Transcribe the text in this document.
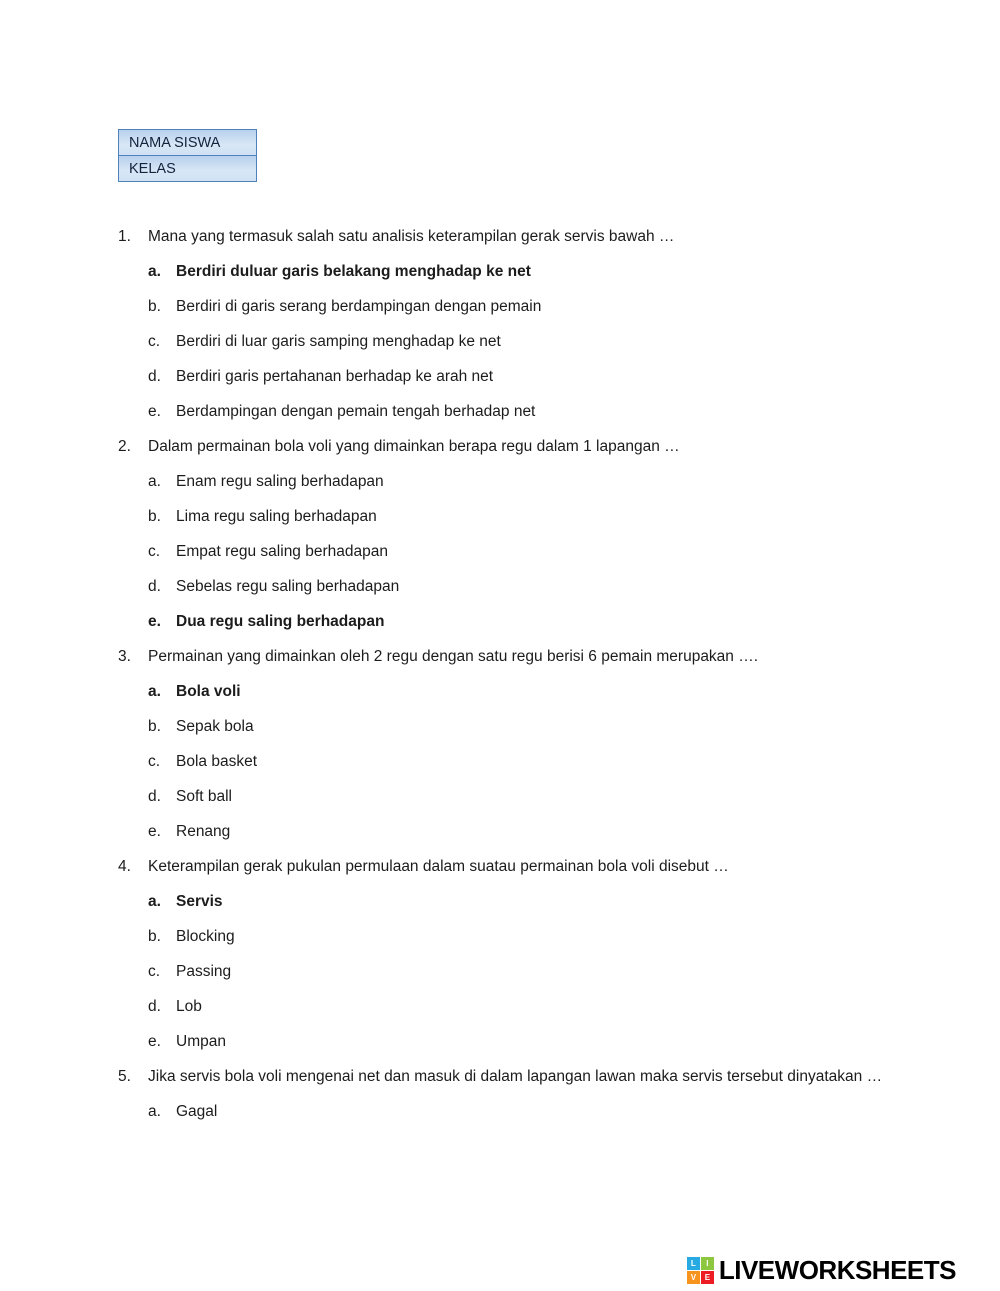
NAMA SISWA
KELAS
1.	Mana yang termasuk salah satu analisis keterampilan gerak servis bawah …
a. Berdiri duluar garis belakang menghadap ke net
b. Berdiri di garis serang berdampingan dengan pemain
c.	Berdiri di luar garis samping menghadap ke net
d. Berdiri garis pertahanan berhadap ke arah net
e. Berdampingan dengan pemain tengah berhadap net
2.	Dalam permainan bola voli yang dimainkan berapa regu dalam 1 lapangan …
a. Enam regu saling berhadapan
b. Lima regu saling berhadapan
c.	Empat regu saling berhadapan
d. Sebelas regu saling berhadapan
e. Dua regu saling berhadapan
3.	Permainan yang dimainkan oleh 2 regu dengan satu regu berisi 6 pemain merupakan ….
a. Bola voli
b. Sepak bola
c.	Bola basket
d. Soft ball
e. Renang
4.	Keterampilan gerak pukulan permulaan dalam suatau permainan bola voli disebut …
a. Servis
b. Blocking
c.	Passing
d. Lob
e. Umpan
5.	Jika servis bola voli mengenai net dan masuk di dalam lapangan lawan maka servis tersebut dinyatakan …
a. Gagal
L	I
V	E LIVEWORKSHEETS
